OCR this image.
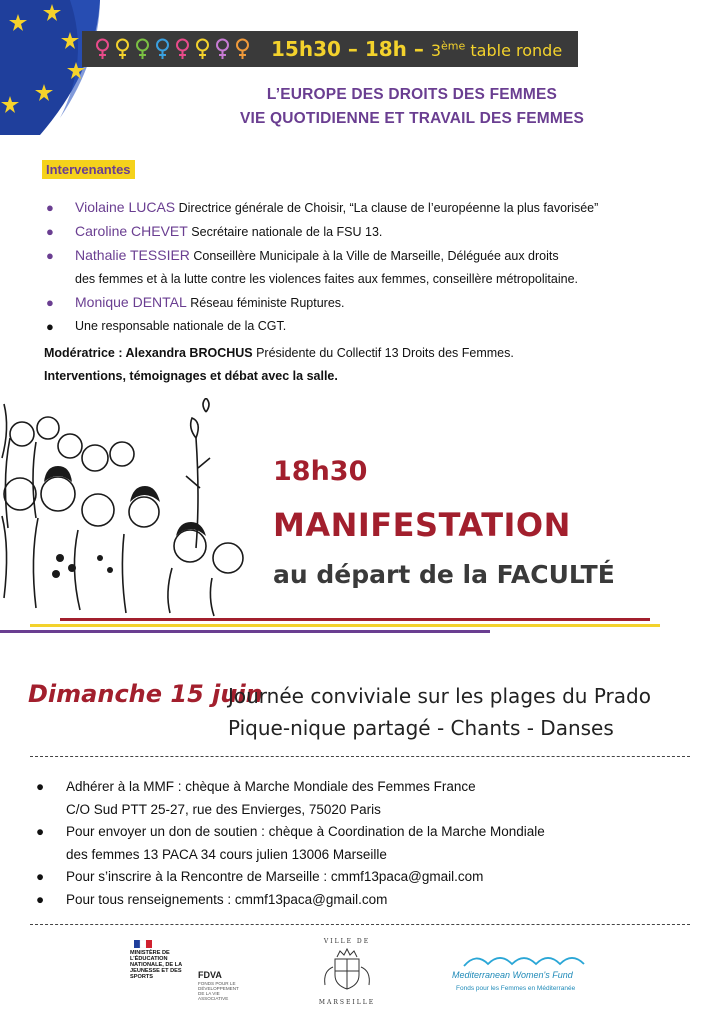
15h30 – 18h – 3ème table ronde
L’EUROPE DES DROITS DES FEMMES
VIE QUOTIDIENNE ET TRAVAIL DES FEMMES
Intervenantes
● Violaine LUCAS Directrice générale de Choisir, “La clause de l’européenne la plus favorisée”
● Caroline CHEVET Secrétaire nationale de la FSU 13.
● Nathalie TESSIER Conseillère Municipale à la Ville de Marseille, Déléguée aux droits
des femmes et à la lutte contre les violences faites aux femmes, conseillère métropolitaine.
● Monique DENTAL Réseau féministe Ruptures.
● Une responsable nationale de la CGT.
Modératrice : Alexandra BROCHUS Présidente du Collectif 13 Droits des Femmes.
Interventions, témoignages et débat avec la salle.
18h30
MANIFESTATION
au départ de la FACULTÉ
Dimanche 15 juin
Journée conviviale sur les plages du Prado
Pique-nique partagé - Chants - Danses
● Adhérer à la MMF : chèque à Marche Mondiale des Femmes France
C/O Sud PTT 25-27, rue des Envierges, 75020 Paris
● Pour envoyer un don de soutien : chèque à Coordination de la Marche Mondiale
des femmes 13 PACA 34 cours julien 13006 Marseille
● Pour s’inscrire à la Rencontre de Marseille : cmmf13paca@gmail.com
● Pour tous renseignements : cmmf13paca@gmail.com
MINISTÈRE DE L’ÉDUCATION NATIONALE, DE LA JEUNESSE ET DES SPORTS	FDVA
FONDS POUR LE DÉVELOPPEMENT DE LA VIE ASSOCIATIVE
VILLE DE
MARSEILLE
Mediterranean Women's Fund
Fonds pour les Femmes en Méditerranée
